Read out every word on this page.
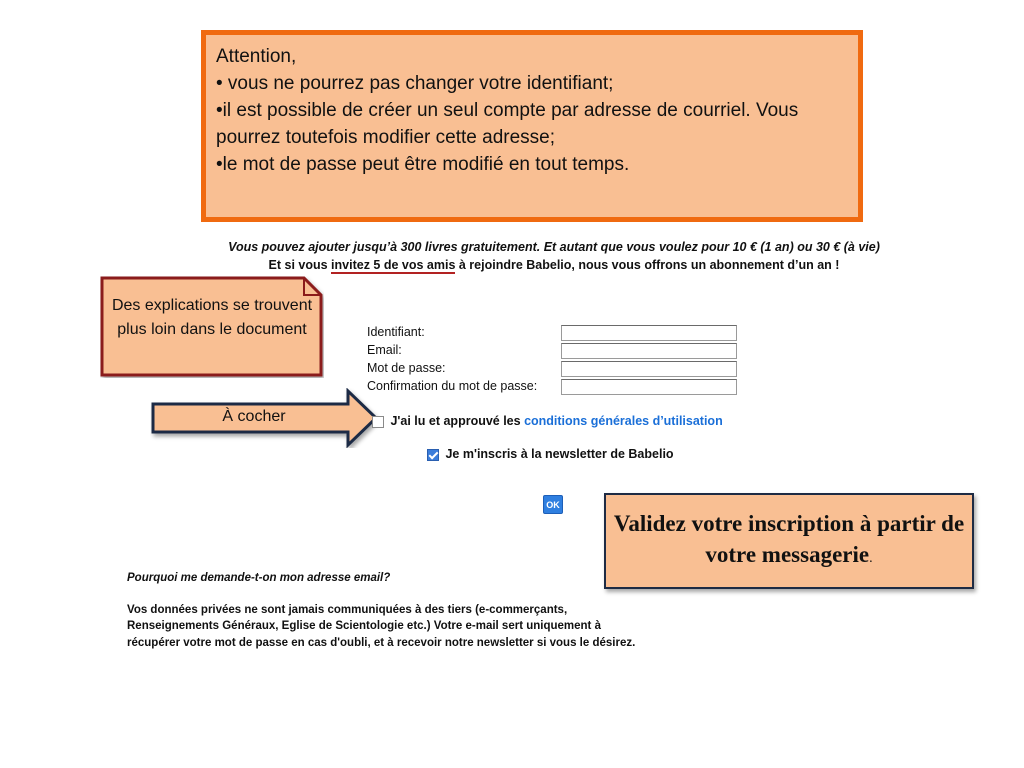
Attention,
• vous ne pourrez pas changer votre identifiant;
•il est possible de créer un seul compte par adresse de courriel. Vous
pourrez toutefois modifier cette adresse;
•le mot de passe peut être modifié en tout temps.
Vous pouvez ajouter jusqu’à 300 livres gratuitement. Et autant que vous voulez pour 10 € (1 an) ou 30 € (à vie)
Et si vous invitez 5 de vos amis à rejoindre Babelio, nous vous offrons un abonnement d’un an !
Des explications se trouvent plus loin dans le document	Identifiant:
Email:
Mot de passe:
Confirmation du mot de passe:
À cocher	J'ai lu et approuvé les conditions générales d’utilisation
Je m'inscris à la newsletter de Babelio
OK
Validez votre inscription à partir de votre messagerie.
Pourquoi me demande-t-on mon adresse email?
Vos données privées ne sont jamais communiquées à des tiers (e-commerçants,
Renseignements Généraux, Eglise de Scientologie etc.) Votre e-mail sert uniquement à
récupérer votre mot de passe en cas d'oubli, et à recevoir notre newsletter si vous le désirez.
